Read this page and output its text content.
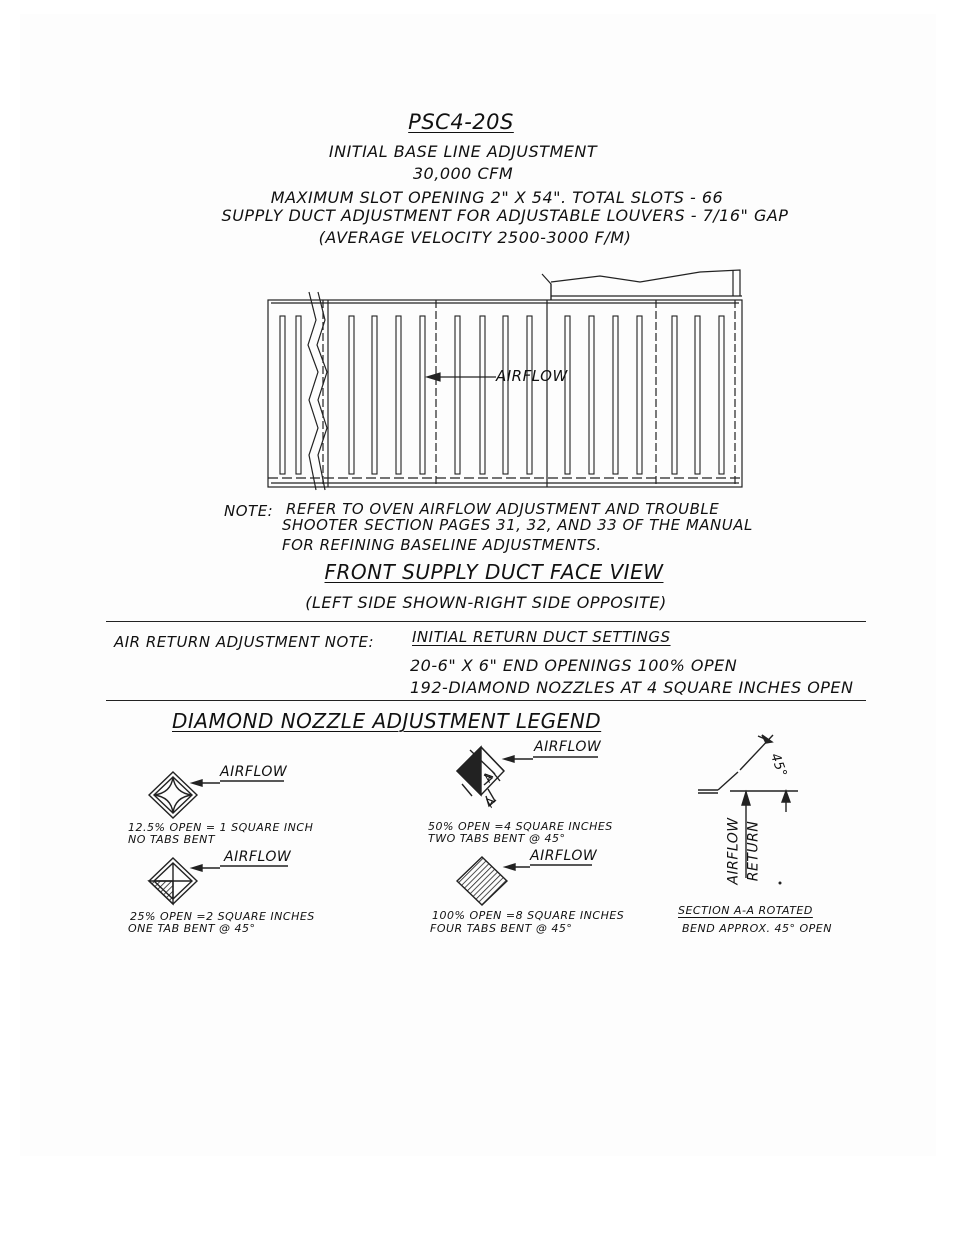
PSC4-20S
INITIAL BASE LINE ADJUSTMENT
30,000 CFM
MAXIMUM SLOT OPENING 2" X 54". TOTAL SLOTS - 66
SUPPLY DUCT ADJUSTMENT FOR ADJUSTABLE LOUVERS - 7/16" GAP
(AVERAGE VELOCITY 2500-3000 F/M)
AIRFLOW
NOTE: REFER TO OVEN AIRFLOW ADJUSTMENT AND TROUBLE
SHOOTER SECTION PAGES 31, 32, AND 33 OF THE MANUAL
FOR REFINING BASELINE ADJUSTMENTS.
FRONT SUPPLY DUCT FACE VIEW
(LEFT SIDE SHOWN-RIGHT SIDE OPPOSITE)
AIR RETURN ADJUSTMENT NOTE:	INITIAL RETURN DUCT SETTINGS
20-6" X 6" END OPENINGS 100% OPEN
192-DIAMOND NOZZLES AT 4 SQUARE INCHES OPEN
DIAMOND NOZZLE ADJUSTMENT LEGEND
AIRFLOW
AIRFLOW
AIRFLOW
AIRFLOW
12.5% OPEN = 1 SQUARE INCH
NO TABS BENT
25% OPEN =2 SQUARE INCHES
ONE TAB BENT @ 45°
50% OPEN =4 SQUARE INCHES
TWO TABS BENT @ 45°
100% OPEN =8 SQUARE INCHES
FOUR TABS BENT @ 45°
45°
A
A
AIRFLOW RETURN
SECTION A-A ROTATED
BEND APPROX. 45° OPEN
